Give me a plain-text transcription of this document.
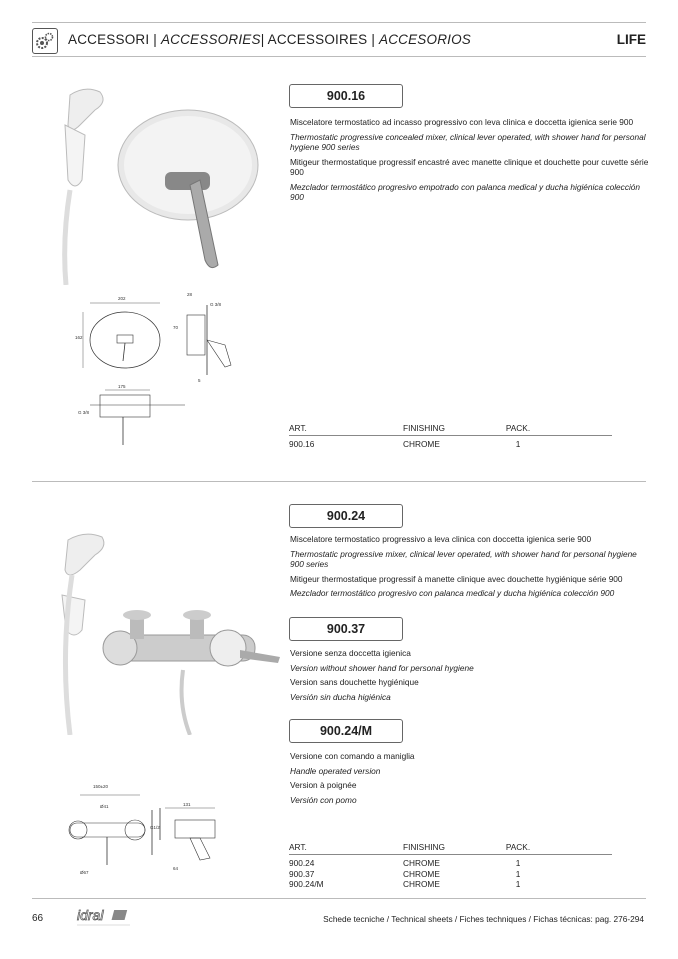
ACCESSORI | ACCESSORIES| ACCESSOIRES | ACCESORIOS	LIFE
202
162
175
28
G 3/8
70
5
G 3/8
900.16

Miscelatore termostatico ad incasso progressivo con leva clinica e doccetta igienica serie 900

Thermostatic progressive concealed mixer, clinical lever operated, with shower hand for personal hygiene 900 series

Mitigeur thermostatique progressif encastré avec manette clinique et douchette pour cuvette série 900

Mezclador termostático progresivo empotrado con palanca medical y ducha higiénica colección 900

ART.	FINISHING	PACK.
900.16	CHROME	1
150±20
131
Ø41
Ø67
G1/2
64
900.24

Miscelatore termostatico progressivo a leva clinica con doccetta igienica serie 900

Thermostatic progressive mixer, clinical lever operated, with shower hand for personal hygiene 900 series

Mitigeur thermostatique progressif à manette clinique avec douchette hygiénique série 900

Mezclador termostático progresivo con palanca medical y ducha higiénica colección 900

900.37

Versione senza doccetta igienica

Version without shower hand for personal hygiene

Version sans douchette hygiénique

Versión sin ducha higiénica

900.24/M

Versione con comando a maniglia

Handle operated version

Version à poignée

Versión con pomo

ART.	FINISHING	PACK.
900.24	CHROME	1
900.37	CHROME	1
900.24/M	CHROME	1
66 idral	Schede tecniche / Technical sheets / Fiches techniques / Fichas técnicas: pag. 276-294
